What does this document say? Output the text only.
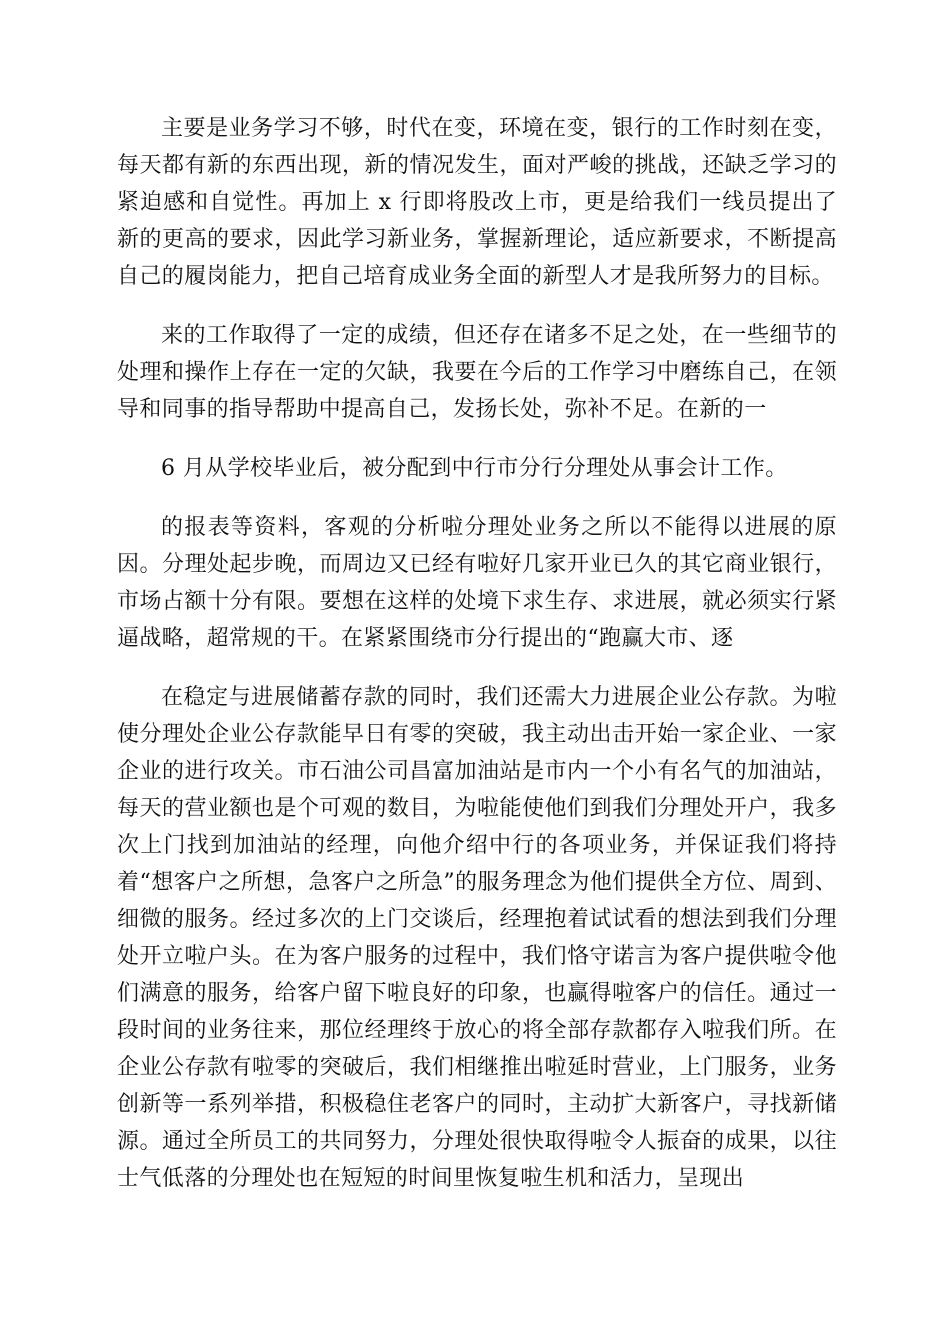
主要是业务学习不够，时代在变，环境在变，银行的工作时刻在变，每天都有新的东西出现，新的情况发生，面对严峻的挑战，还缺乏学习的紧迫感和自觉性。再加上 x 行即将股改上市，更是给我们一线员提出了新的更高的要求，因此学习新业务，掌握新理论，适应新要求，不断提高自己的履岗能力，把自己培育成业务全面的新型人才是我所努力的目标。

来的工作取得了一定的成绩，但还存在诸多不足之处，在一些细节的处理和操作上存在一定的欠缺，我要在今后的工作学习中磨练自己，在领导和同事的指导帮助中提高自己，发扬长处，弥补不足。在新的一

6 月从学校毕业后，被分配到中行市分行分理处从事会计工作。

的报表等资料，客观的分析啦分理处业务之所以不能得以进展的原因。分理处起步晚，而周边又已经有啦好几家开业已久的其它商业银行，市场占额十分有限。要想在这样的处境下求生存、求进展，就必须实行紧逼战略，超常规的干。在紧紧围绕市分行提出的“跑赢大市、逐

在稳定与进展储蓄存款的同时，我们还需大力进展企业公存款。为啦使分理处企业公存款能早日有零的突破，我主动出击开始一家企业、一家企业的进行攻关。市石油公司昌富加油站是市内一个小有名气的加油站，每天的营业额也是个可观的数目，为啦能使他们到我们分理处开户，我多次上门找到加油站的经理，向他介绍中行的各项业务，并保证我们将持着“想客户之所想，急客户之所急”的服务理念为他们提供全方位、周到、细微的服务。经过多次的上门交谈后，经理抱着试试看的想法到我们分理处开立啦户头。在为客户服务的过程中，我们恪守诺言为客户提供啦令他们满意的服务，给客户留下啦良好的印象，也赢得啦客户的信任。通过一段时间的业务往来，那位经理终于放心的将全部存款都存入啦我们所。在企业公存款有啦零的突破后，我们相继推出啦延时营业，上门服务，业务创新等一系列举措，积极稳住老客户的同时，主动扩大新客户，寻找新储源。通过全所员工的共同努力，分理处很快取得啦令人振奋的成果，以往士气低落的分理处也在短短的时间里恢复啦生机和活力，呈现出
